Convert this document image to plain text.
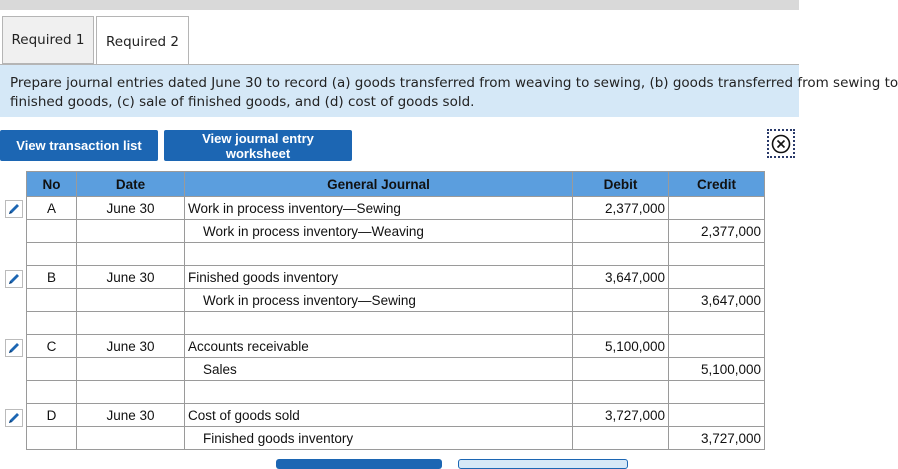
Required 1	Required 2
Prepare journal entries dated June 30 to record (a) goods transferred from weaving to sewing, (b) goods transferred from sewing to
finished goods, (c) sale of finished goods, and (d) cost of goods sold.
View transaction list	View journal entry worksheet
No	Date	General Journal	Debit	Credit
A	June 30	Work in process inventory—Sewing	2,377,000	
		Work in process inventory—Weaving		2,377,000

B	June 30	Finished goods inventory	3,647,000	
		Work in process inventory—Sewing		3,647,000

C	June 30	Accounts receivable	5,100,000	
		Sales		5,100,000

D	June 30	Cost of goods sold	3,727,000	
		Finished goods inventory		3,727,000
